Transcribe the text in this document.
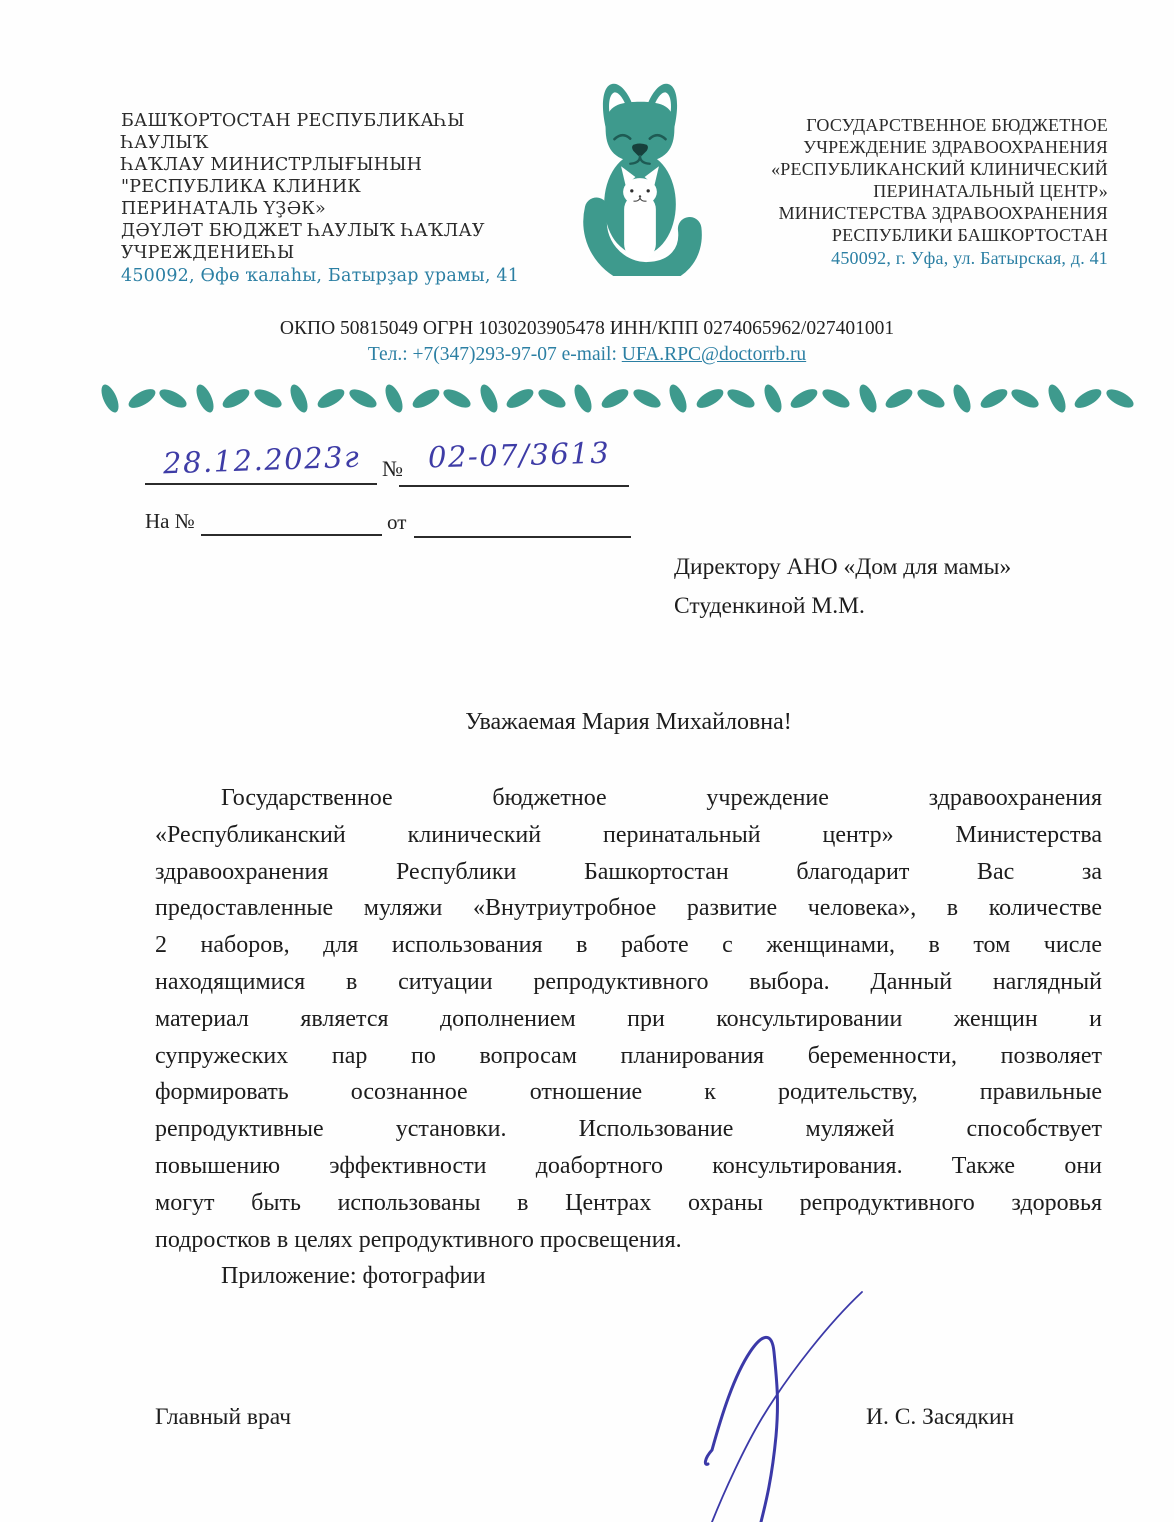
БАШҠОРТОСТАН РЕСПУБЛИКАҺЫ ҺАУЛЫҠ
ҺАҠЛАУ МИНИСТРЛЫҒЫНЫН
"РЕСПУБЛИКА КЛИНИК
ПЕРИНАТАЛЬ ҮҘӘК»
ДӘҮЛӘТ БЮДЖЕТ ҺАУЛЫҠ ҺАҠЛАУ
УЧРЕЖДЕНИЕҺЫ
450092, Өфө ҡалаһы, Батырҙар урамы, 41
ГОСУДАРСТВЕННОЕ БЮДЖЕТНОЕ
УЧРЕЖДЕНИЕ ЗДРАВООХРАНЕНИЯ
«РЕСПУБЛИКАНСКИЙ КЛИНИЧЕСКИЙ
ПЕРИНАТАЛЬНЫЙ ЦЕНТР»
МИНИСТЕРСТВА ЗДРАВООХРАНЕНИЯ
РЕСПУБЛИКИ БАШКОРТОСТАН
450092, г. Уфа, ул. Батырская, д. 41
ОКПО 50815049 ОГРН 1030203905478 ИНН/КПП 0274065962/027401001
Тел.: +7(347)293-97-07 e-mail: UFA.RPC@doctorrb.ru
28.12.2023г № 02-07/3613
На №	от
Директору АНО «Дом для мамы»
Студенкиной М.М.
Уважаемая Мария Михайловна!
Государственное бюджетное учреждение здравоохранения
«Республиканский клинический перинатальный центр» Министерства
здравоохранения Республики Башкортостан благодарит Вас за
предоставленные муляжи «Внутриутробное развитие человека», в количестве
2 наборов, для использования в работе с женщинами, в том числе
находящимися в ситуации репродуктивного выбора. Данный наглядный
материал является дополнением при консультировании женщин и
супружеских пар по вопросам планирования беременности, позволяет
формировать осознанное отношение к родительству, правильные
репродуктивные установки. Использование муляжей способствует
повышению эффективности доабортного консультирования. Также они
могут быть использованы в Центрах охраны репродуктивного здоровья
подростков в целях репродуктивного просвещения.
Приложение: фотографии
Главный врач	И. С. Засядкин
